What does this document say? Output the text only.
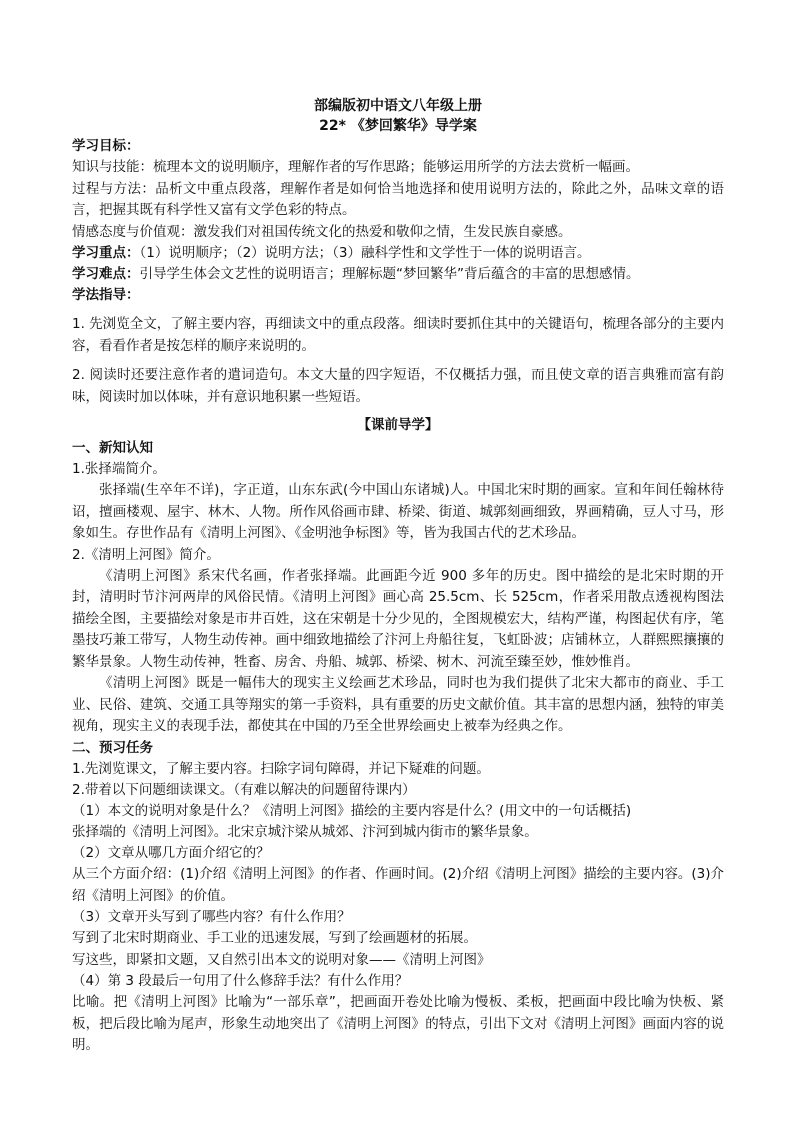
部编版初中语文八年级上册

22* 《梦回繁华》导学案

学习目标：

知识与技能：梳理本文的说明顺序，理解作者的写作思路；能够运用所学的方法去赏析一幅画。

过程与方法：品析文中重点段落，理解作者是如何恰当地选择和使用说明方法的，除此之外，品味文章的语言，把握其既有科学性又富有文学色彩的特点。

情感态度与价值观：激发我们对祖国传统文化的热爱和敬仰之情，生发民族自豪感。

学习重点：（1）说明顺序；（2）说明方法；（3）融科学性和文学性于一体的说明语言。

学习难点：引导学生体会文艺性的说明语言；理解标题“梦回繁华”背后蕴含的丰富的思想感情。

学法指导：

1. 先浏览全文，了解主要内容，再细读文中的重点段落。细读时要抓住其中的关键语句，梳理各部分的主要内容，看看作者是按怎样的顺序来说明的。

2. 阅读时还要注意作者的遣词造句。本文大量的四字短语，不仅概括力强，而且使文章的语言典雅而富有韵味，阅读时加以体味，并有意识地积累一些短语。

【课前导学】

一、新知认知

1.张择端简介。

张择端(生卒年不详)，字正道，山东东武(今中国山东诸城)人。中国北宋时期的画家。宣和年间任翰林待诏，擅画楼观、屋宇、林木、人物。所作风俗画市肆、桥梁、街道、城郭刻画细致，界画精确，豆人寸马，形象如生。存世作品有《清明上河图》、《金明池争标图》等，皆为我国古代的艺术珍品。

2.《清明上河图》简介。

《清明上河图》系宋代名画，作者张择端。此画距今近 900 多年的历史。图中描绘的是北宋时期的开封，清明时节汴河两岸的风俗民情。《清明上河图》画心高 25.5cm、长 525cm，作者采用散点透视构图法描绘全图，主要描绘对象是市井百姓，这在宋朝是十分少见的，全图规模宏大，结构严谨，构图起伏有序，笔墨技巧兼工带写，人物生动传神。画中细致地描绘了汴河上舟船往复，飞虹卧波；店铺林立，人群熙熙攘攘的繁华景象。人物生动传神，牲畜、房舍、舟船、城郭、桥梁、树木、河流至臻至妙，惟妙惟肖。

《清明上河图》既是一幅伟大的现实主义绘画艺术珍品，同时也为我们提供了北宋大都市的商业、手工业、民俗、建筑、交通工具等翔实的第一手资料，具有重要的历史文献价值。其丰富的思想内涵，独特的审美视角，现实主义的表现手法，都使其在中国的乃至全世界绘画史上被奉为经典之作。

二、预习任务

1.先浏览课文，了解主要内容。扫除字词句障碍，并记下疑难的问题。

2.带着以下问题细读课文。（有难以解决的问题留待课内）

（1）本文的说明对象是什么？《清明上河图》描绘的主要内容是什么？(用文中的一句话概括)

张择端的《清明上河图》。北宋京城汴梁从城郊、汴河到城内街市的繁华景象。

（2）文章从哪几方面介绍它的？

从三个方面介绍：(1)介绍《清明上河图》的作者、作画时间。(2)介绍《清明上河图》描绘的主要内容。(3)介绍《清明上河图》的价值。

（3）文章开头写到了哪些内容？有什么作用？

写到了北宋时期商业、手工业的迅速发展，写到了绘画题材的拓展。

写这些，即紧扣文题，又自然引出本文的说明对象——《清明上河图》

（4）第 3 段最后一句用了什么修辞手法？有什么作用？

比喻。把《清明上河图》比喻为“一部乐章”，把画面开卷处比喻为慢板、柔板，把画面中段比喻为快板、紧板，把后段比喻为尾声，形象生动地突出了《清明上河图》的特点，引出下文对《清明上河图》画面内容的说明。
